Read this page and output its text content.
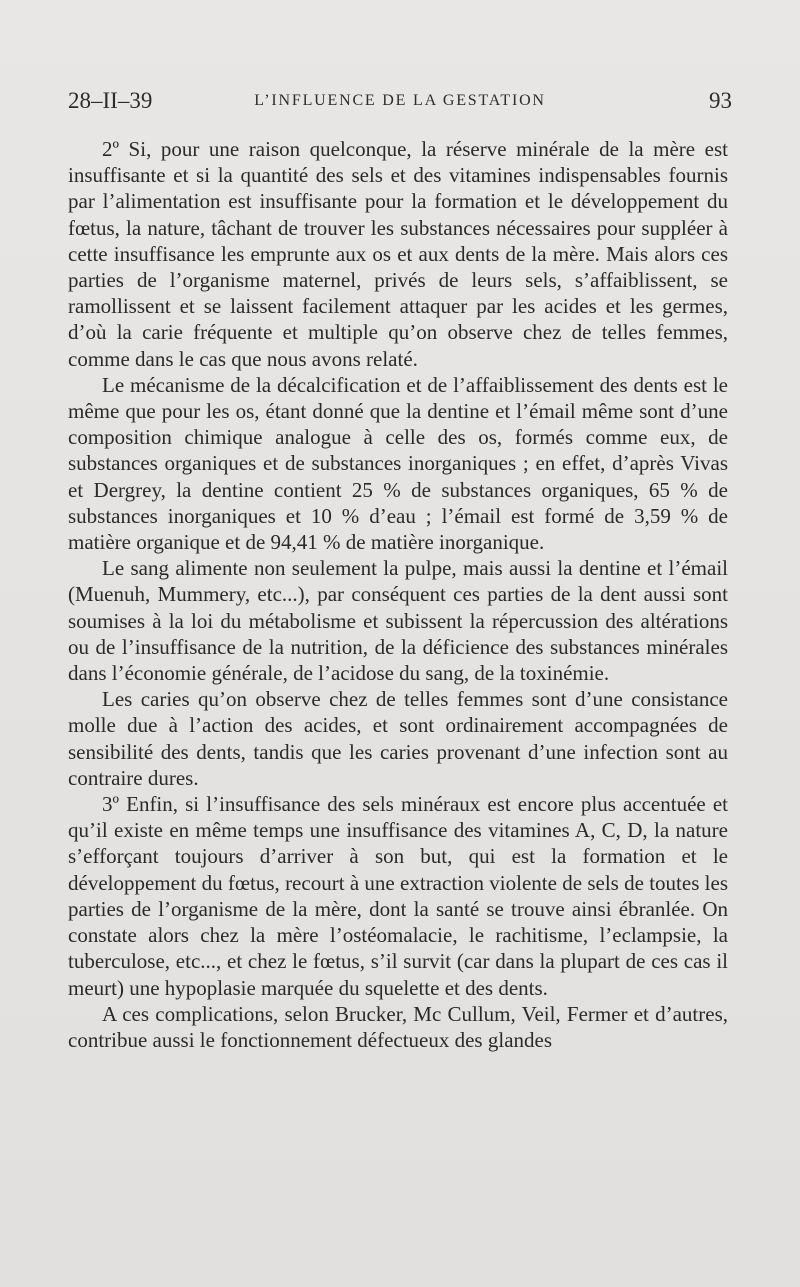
28–II–39	L’INFLUENCE DE LA GESTATION	93

2º Si, pour une raison quelconque, la réserve minérale de la mère est insuffisante et si la quantité des sels et des vitamines indispensables fournis par l’alimentation est insuffisante pour la formation et le développement du fœtus, la nature, tâchant de trouver les substances nécessaires pour suppléer à cette insuffisance les emprunte aux os et aux dents de la mère. Mais alors ces parties de l’organisme maternel, privés de leurs sels, s’affaiblissent, se ramollissent et se laissent facilement attaquer par les acides et les germes, d’où la carie fréquente et multiple qu’on observe chez de telles femmes, comme dans le cas que nous avons relaté.

Le mécanisme de la décalcification et de l’affaiblissement des dents est le même que pour les os, étant donné que la dentine et l’émail même sont d’une composition chimique analogue à celle des os, formés comme eux, de substances organiques et de substances inorganiques ; en effet, d’après Vivas et Dergrey, la dentine contient 25 % de substances organiques, 65 % de substances inorganiques et 10 % d’eau ; l’émail est formé de 3,59 % de matière organique et de 94,41 % de matière inorganique.

Le sang alimente non seulement la pulpe, mais aussi la dentine et l’émail (Muenuh, Mummery, etc...), par conséquent ces parties de la dent aussi sont soumises à la loi du métabolisme et subissent la répercussion des altérations ou de l’insuffisance de la nutrition, de la déficience des substances minérales dans l’économie générale, de l’acidose du sang, de la toxinémie.

Les caries qu’on observe chez de telles femmes sont d’une consistance molle due à l’action des acides, et sont ordinairement accompagnées de sensibilité des dents, tandis que les caries provenant d’une infection sont au contraire dures.

3º Enfin, si l’insuffisance des sels minéraux est encore plus accentuée et qu’il existe en même temps une insuffisance des vitamines A, C, D, la nature s’efforçant toujours d’arriver à son but, qui est la formation et le développement du fœtus, recourt à une extraction violente de sels de toutes les parties de l’organisme de la mère, dont la santé se trouve ainsi ébranlée. On constate alors chez la mère l’ostéomalacie, le rachitisme, l’eclampsie, la tuberculose, etc..., et chez le fœtus, s’il survit (car dans la plupart de ces cas il meurt) une hypoplasie marquée du squelette et des dents.

A ces complications, selon Brucker, Mc Cullum, Veil, Fermer et d’autres, contribue aussi le fonctionnement défectueux des glandes
